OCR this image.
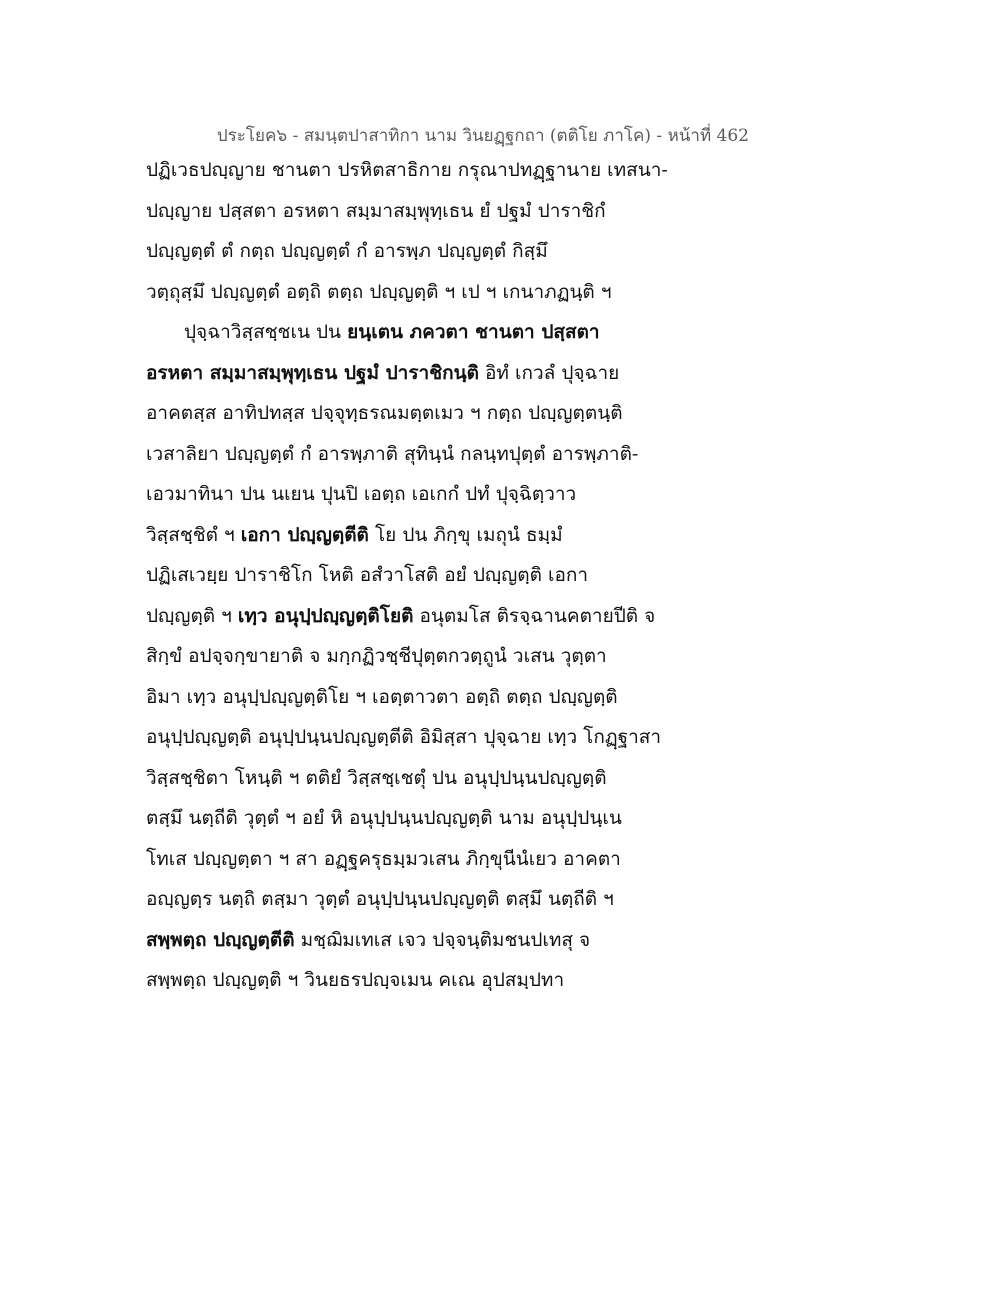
ประโยค๖ - สมนฺตปาสาทิกา นาม วินยฏฺฐกถา (ตติโย ภาโค) - หน้าที่ 462
ปฏิเวธปญฺญาย ชานตา ปรหิตสาธิกาย กรุณาปทฏฺฐานาย เทสนา-
ปญฺญาย ปสฺสตา อรหตา สมฺมาสมฺพุทฺเธน ยํ ปฐมํ ปาราชิกํ
ปญฺญตฺตํ ตํ กตฺถ ปญฺญตฺตํ กํ อารพฺภ ปญฺญตฺตํ กิสฺมึ
วตฺถุสฺมึ ปญฺญตฺตํ อตฺถิ ตตฺถ ปญฺญตฺติ ฯ เป ฯ เกนาภฏนฺติ ฯ
ปุจฺฉาวิสฺสชฺชเน ปน ยนฺเตน ภควตา ชานตา ปสฺสตา
อรหตา สมฺมาสมฺพุทฺเธน ปฐมํ ปาราชิกนฺติ อิทํ เกวลํ ปุจฺฉาย
อาคตสฺส อาทิปทสฺส ปจฺจุทฺธรณมตฺตเมว ฯ กตฺถ ปญฺญตฺตนฺติ
เวสาลิยา ปญฺญตฺตํ กํ อารพฺภาติ สุทินฺนํ กลนฺทปุตฺตํ อารพฺภาติ-
เอวมาทินา ปน นเยน ปุนปิ เอตฺถ เอเกกํ ปทํ ปุจฺฉิตฺวาว
วิสฺสชฺชิตํ ฯ เอกา ปญฺญตฺตีติ โย ปน ภิกฺขุ เมถุนํ ธมฺมํ
ปฏิเสเวยฺย ปาราชิโก โหติ อสํวาโสติ อยํ ปญฺญตฺติ เอกา
ปญฺญตฺติ ฯ เทฺว อนุปฺปญฺญตฺติโยติ อนุตมโส ติรจฺฉานคตายปีติ จ
สิกฺขํ อปจฺจกฺขายาติ จ มกฺกฏิวชฺชีปุตฺตกวตฺถูนํ วเสน วุตฺตา
อิมา เทฺว อนุปฺปญฺญตฺติโย ฯ เอตฺตาวตา อตฺถิ ตตฺถ ปญฺญตฺติ
อนุปฺปญฺญตฺติ อนุปฺปนฺนปญฺญตฺตีติ อิมิสฺสา ปุจฺฉาย เทฺว โกฏฺฐาสา
วิสฺสชฺชิตา โหนฺติ ฯ ตติยํ วิสฺสชฺเชตุํ ปน อนุปฺปนฺนปญฺญตฺติ
ตสฺมึ นตฺถีติ วุตฺตํ ฯ อยํ หิ อนุปฺปนฺนปญฺญตฺติ นาม อนุปฺปนฺเน
โทเส ปญฺญตฺตา ฯ สา อฏฺฐครุธมฺมวเสน ภิกฺขุนีนํเยว อาคตา
อญฺญตฺร นตฺถิ ตสฺมา วุตฺตํ อนุปฺปนฺนปญฺญตฺติ ตสฺมึ นตฺถีติ ฯ
สพฺพตฺถ ปญฺญตฺตีติ มชฺฌิมเทเส เจว ปจฺจนฺติมชนปเทสุ จ
สพฺพตฺถ ปญฺญตฺติ ฯ วินยธรปญฺจเมน คเณ อุปสมฺปทา
